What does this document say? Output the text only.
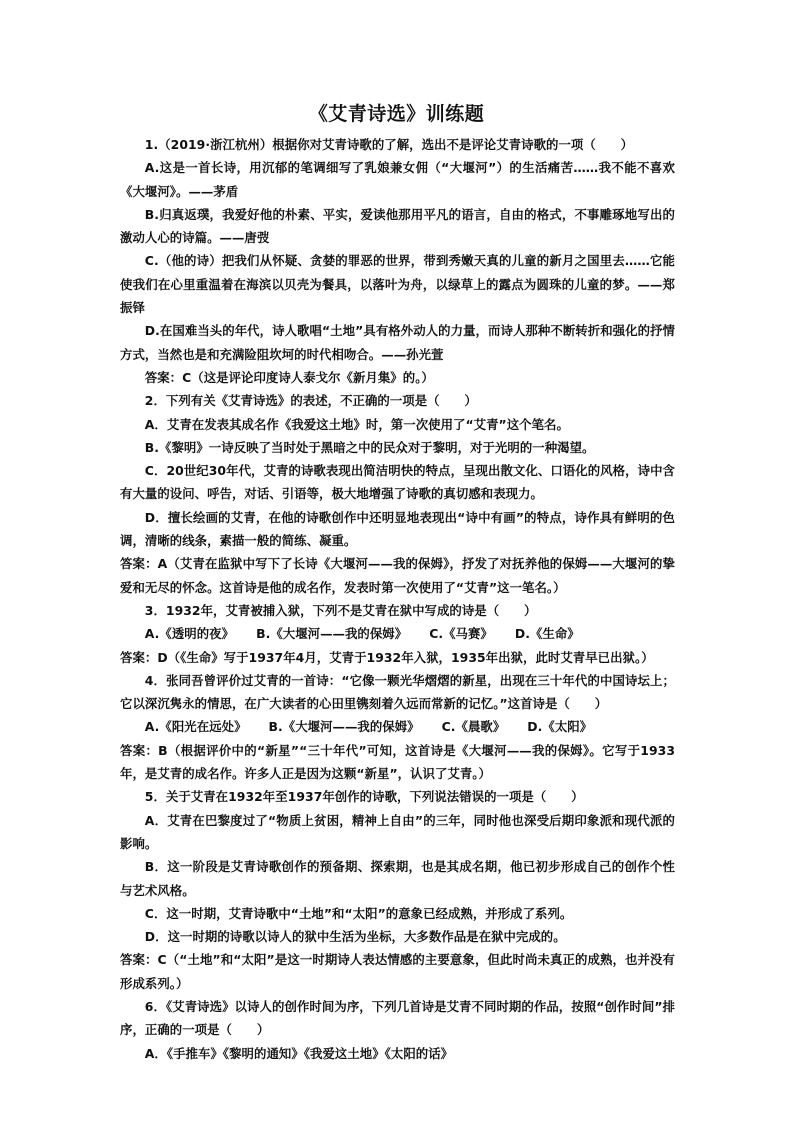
《艾青诗选》训练题

1.（2019·浙江杭州）根据你对艾青诗歌的了解，选出不是评论艾青诗歌的一项（　　）

A.这是一首长诗，用沉郁的笔调细写了乳娘兼女佣（“大堰河”）的生活痛苦……我不能不喜欢《大堰河》。——茅盾

B.归真返璞，我爱好他的朴素、平实，爱读他那用平凡的语言，自由的格式，不事雕琢地写出的激动人心的诗篇。——唐弢

C.（他的诗）把我们从怀疑、贪婪的罪恶的世界，带到秀嫩天真的儿童的新月之国里去……它能使我们在心里重温着在海滨以贝壳为餐具，以落叶为舟，以绿草上的露点为圆珠的儿童的梦。——郑振铎

D.在国难当头的年代，诗人歌唱“土地”具有格外动人的力量，而诗人那种不断转折和强化的抒情方式，当然也是和充满险阻坎坷的时代相吻合。——孙光萱

答案：C（这是评论印度诗人泰戈尔《新月集》的。）

2．下列有关《艾青诗选》的表述，不正确的一项是（　　）

A．艾青在发表其成名作《我爱这土地》时，第一次使用了“艾青”这个笔名。

B.《黎明》一诗反映了当时处于黑暗之中的民众对于黎明，对于光明的一种渴望。

C．20世纪30年代，艾青的诗歌表现出简洁明快的特点，呈现出散文化、口语化的风格，诗中含有大量的设问、呼告，对话、引语等，极大地增强了诗歌的真切感和表现力。

D．擅长绘画的艾青，在他的诗歌创作中还明显地表现出“诗中有画”的特点，诗作具有鲜明的色调，清晰的线条，素描一般的简练、凝重。

答案：A（艾青在监狱中写下了长诗《大堰河——我的保姆》，抒发了对抚养他的保姆——大堰河的挚爱和无尽的怀念。这首诗是他的成名作，发表时第一次使用了“艾青”这一笔名。）

3．1932年，艾青被捕入狱，下列不是艾青在狱中写成的诗是（　　）

A.《透明的夜》 B.《大堰河——我的保姆》 C.《马赛》 D.《生命》

答案：D（《生命》写于1937年4月，艾青于1932年入狱，1935年出狱，此时艾青早已出狱。）

4．张同吾曾评价过艾青的一首诗：“它像一颗光华熠熠的新星，出现在三十年代的中国诗坛上；它以深沉隽永的情思，在广大读者的心田里镌刻着久远而常新的记忆。”这首诗是（　　）

A.《阳光在远处》 B.《大堰河——我的保姆》 C.《晨歌》 D.《太阳》

答案：B（根据评价中的“新星”“三十年代”可知，这首诗是《大堰河——我的保姆》。它写于1933年，是艾青的成名作。许多人正是因为这颗“新星”，认识了艾青。）

5．关于艾青在1932年至1937年创作的诗歌，下列说法错误的一项是（　　）

A．艾青在巴黎度过了“物质上贫困，精神上自由”的三年，同时他也深受后期印象派和现代派的影响。

B．这一阶段是艾青诗歌创作的预备期、探索期，也是其成名期，他已初步形成自己的创作个性与艺术风格。

C．这一时期，艾青诗歌中“土地”和“太阳”的意象已经成熟，并形成了系列。

D．这一时期的诗歌以诗人的狱中生活为坐标，大多数作品是在狱中完成的。

答案：C（“土地”和“太阳”是这一时期诗人表达情感的主要意象，但此时尚未真正的成熟，也并没有形成系列。）

6．《艾青诗选》以诗人的创作时间为序，下列几首诗是艾青不同时期的作品，按照“创作时间”排序，正确的一项是（　　）

A．《手推车》《黎明的通知》《我爱这土地》《太阳的话》
